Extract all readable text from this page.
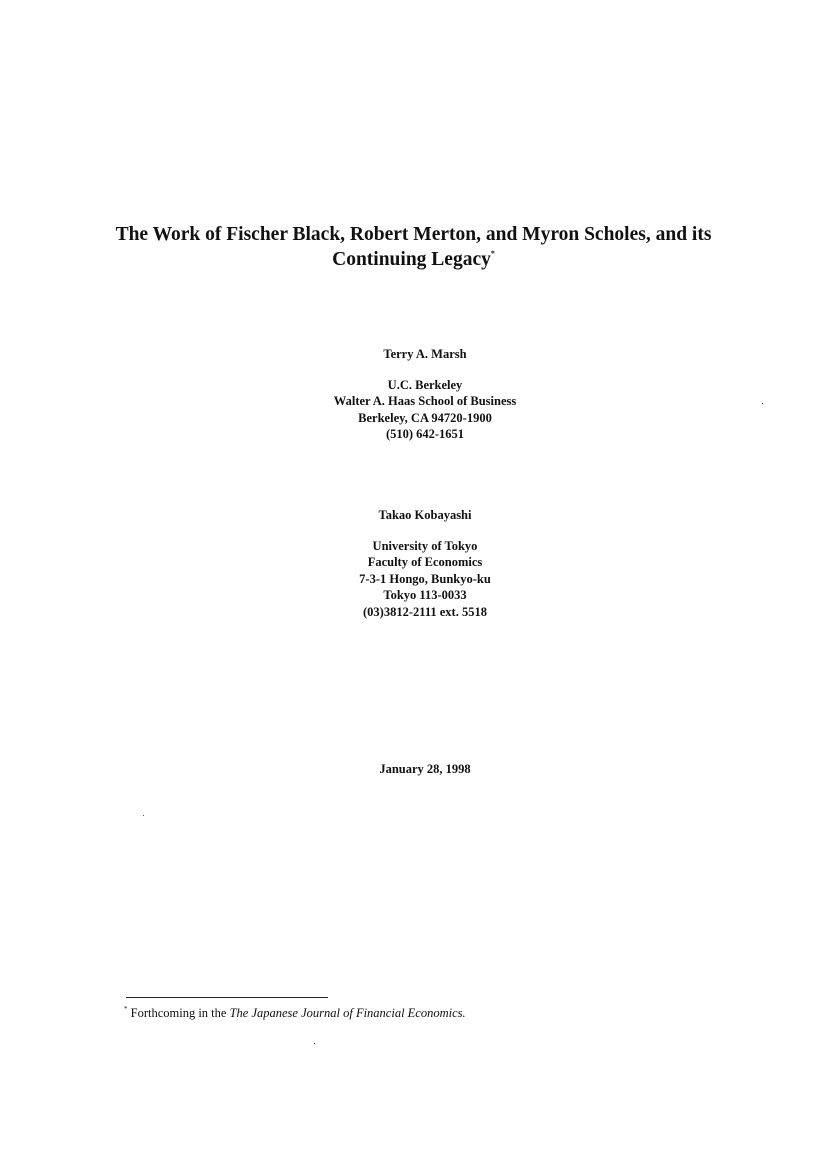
The Work of Fischer Black, Robert Merton, and Myron Scholes, and its
Continuing Legacy*
Terry A. Marsh
U.C. Berkeley
Walter A. Haas School of Business
Berkeley, CA 94720-1900
(510) 642-1651
Takao Kobayashi
University of Tokyo
Faculty of Economics
7-3-1 Hongo, Bunkyo-ku
Tokyo 113-0033
(03)3812-2111 ext. 5518
January 28, 1998
* Forthcoming in the The Japanese Journal of Financial Economics.
